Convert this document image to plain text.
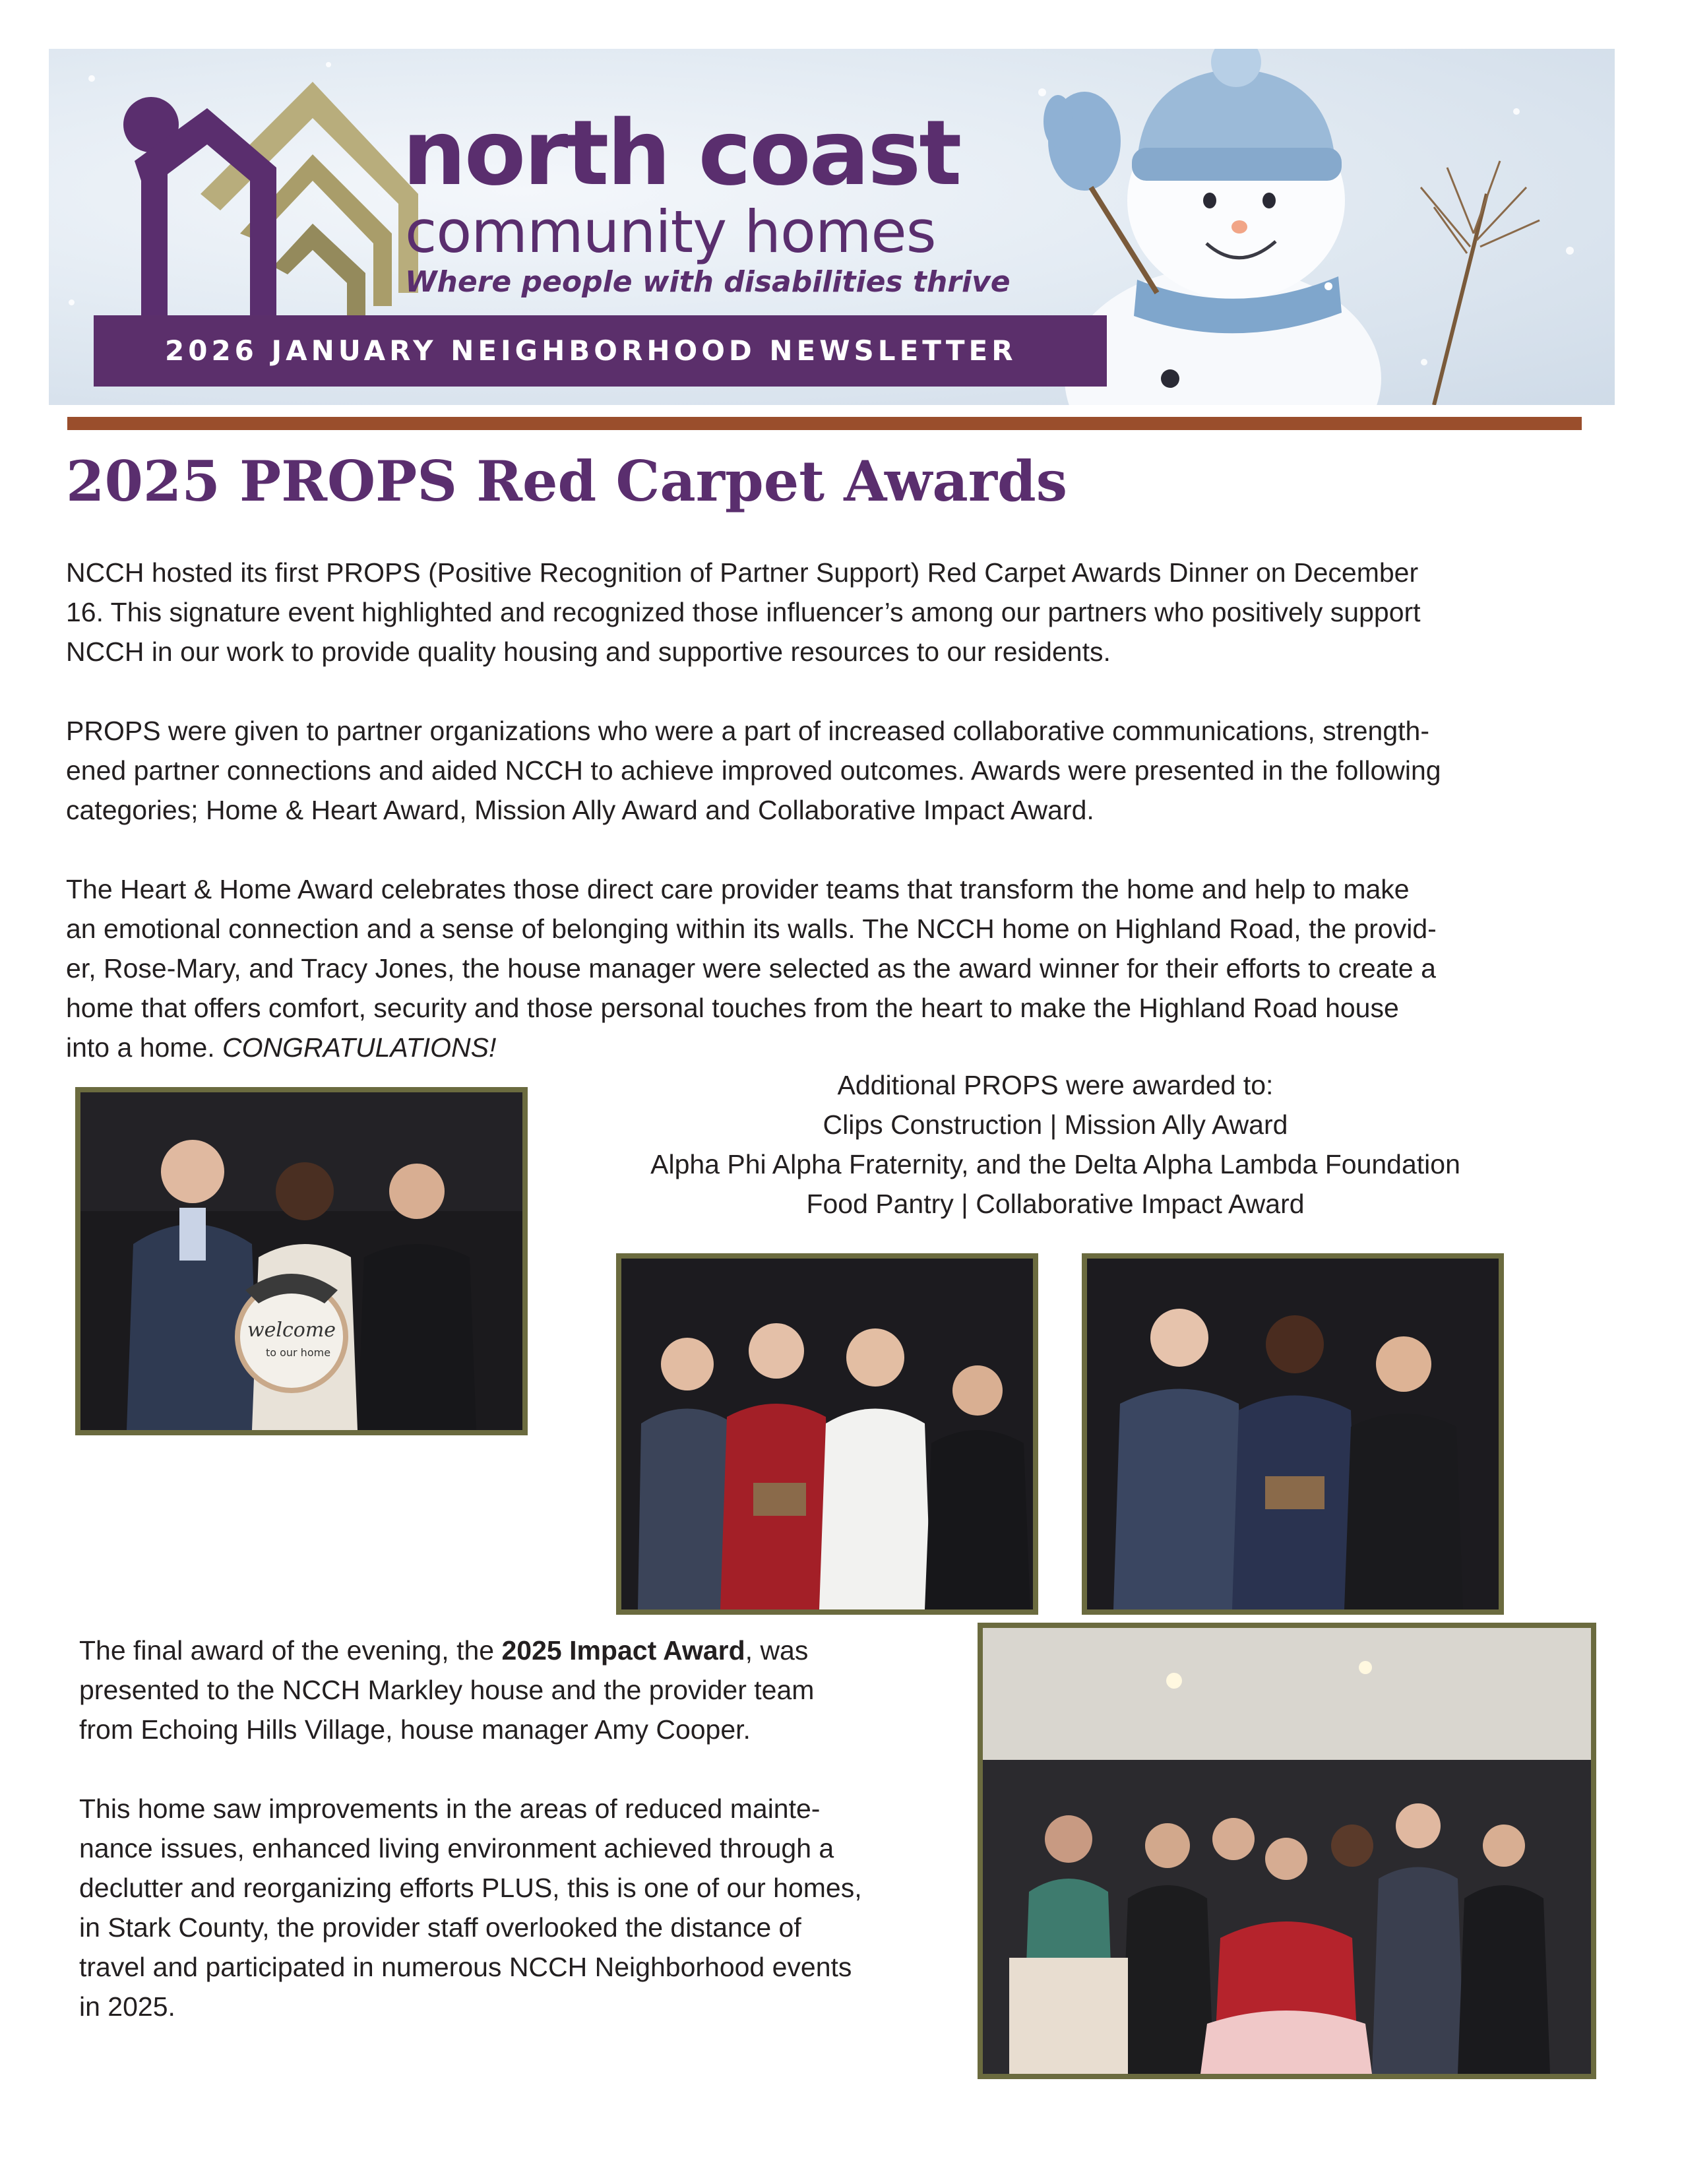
north coast
community homes
Where people with disabilities thrive
2026 JANUARY NEIGHBORHOOD NEWSLETTER
2025 PROPS Red Carpet Awards
NCCH hosted its first PROPS (Positive Recognition of Partner Support) Red Carpet Awards Dinner on December
16. This signature event highlighted and recognized those influencer’s among our partners who positively support
NCCH in our work to provide quality housing and supportive resources to our residents.
PROPS were given to partner organizations who were a part of increased collaborative communications, strength-
ened partner connections and aided NCCH to achieve improved outcomes. Awards were presented in the following
categories; Home & Heart Award, Mission Ally Award and Collaborative Impact Award.
The Heart & Home Award celebrates those direct care provider teams that transform the home and help to make
an emotional connection and a sense of belonging within its walls. The NCCH home on Highland Road, the provid-
er, Rose-Mary, and Tracy Jones, the house manager were selected as the award winner for their efforts to create a
home that offers comfort, security and those personal touches from the heart to make the Highland Road house
into a home. CONGRATULATIONS!
Additional PROPS were awarded to:
Clips Construction | Mission Ally Award
Alpha Phi Alpha Fraternity, and the Delta Alpha Lambda Foundation
Food Pantry | Collaborative Impact Award
welcome
to our home
The final award of the evening, the 2025 Impact Award, was
presented to the NCCH Markley house and the provider team
from Echoing Hills Village, house manager Amy Cooper.
This home saw improvements in the areas of reduced mainte-
nance issues, enhanced living environment achieved through a
declutter and reorganizing efforts PLUS, this is one of our homes,
in Stark County, the provider staff overlooked the distance of
travel and participated in numerous NCCH Neighborhood events
in 2025.
